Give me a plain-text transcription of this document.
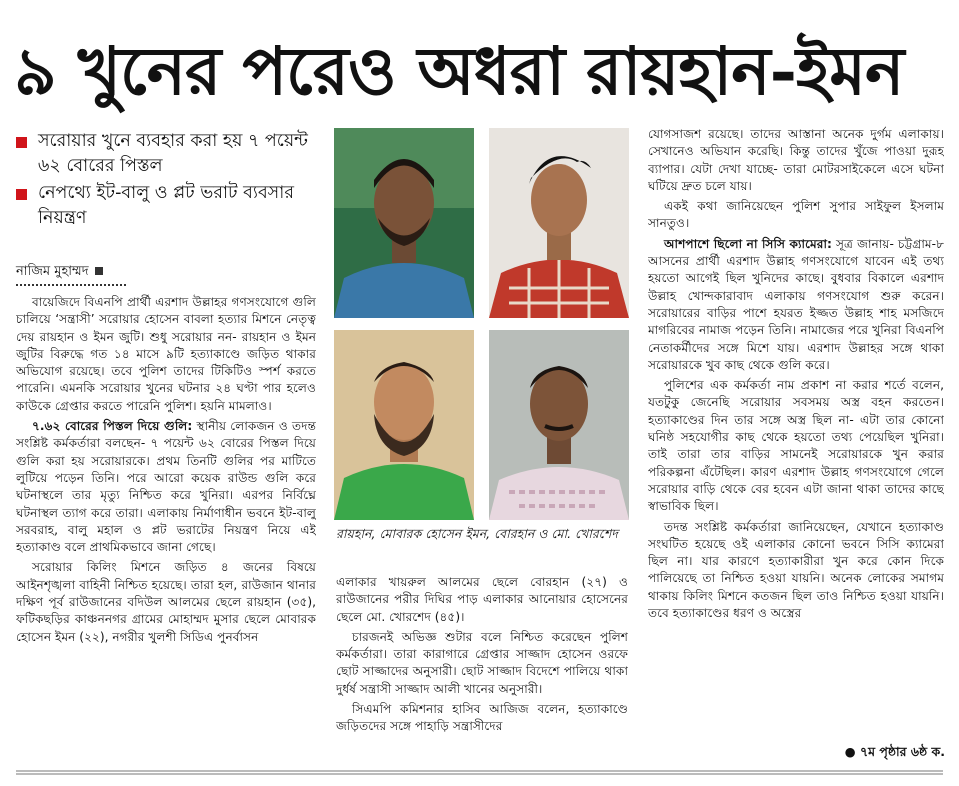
৯ খুনের পরেও অধরা রায়হান-ইমন
সরোয়ার খুনে ব্যবহার করা হয় ৭ পয়েন্ট ৬২ বোরের পিস্তল
নেপথ্যে ইট-বালু ও প্লট ভরাট ব্যবসার নিয়ন্ত্রণ
নাজিম মুহাম্মদ

বায়েজিদে বিএনপি প্রার্থী এরশাদ উল্লাহর গণসংযোগে গুলি চালিয়ে ‘সন্ত্রাসী’ সরোয়ার হোসেন বাবলা হত্যার মিশনে নেতৃত্ব দেয় রায়হান ও ইমন জুটি। শুধু সরোয়ার নন- রায়হান ও ইমন জুটির বিরুদ্ধে গত ১৪ মাসে ৯টি হত্যাকাণ্ডে জড়িত থাকার অভিযোগ রয়েছে। তবে পুলিশ তাদের টিকিটিও স্পর্শ করতে পারেনি। এমনকি সরোয়ার খুনের ঘটনার ২৪ ঘণ্টা পার হলেও কাউকে গ্রেপ্তার করতে পারেনি পুলিশ। হয়নি মামলাও।

৭.৬২ বোরের পিস্তল দিয়ে গুলি: স্থানীয় লোকজন ও তদন্ত সংশ্লিষ্ট কর্মকর্তারা বলছেন- ৭ পয়েন্ট ৬২ বোরের পিস্তল দিয়ে গুলি করা হয় সরোয়ারকে। প্রথম তিনটি গুলির পর মাটিতে লুটিয়ে পড়েন তিনি। পরে আরো কয়েক রাউন্ড গুলি করে ঘটনাস্থলে তার মৃত্যু নিশ্চিত করে খুনিরা। এরপর নির্বিঘ্নে ঘটনাস্থল ত্যাগ করে তারা। এলাকায় নির্মাণাধীন ভবনে ইট-বালু সরবরাহ, বালু মহাল ও প্লট ভরাটের নিয়ন্ত্রণ নিয়ে এই হত্যাকাণ্ড বলে প্রাথমিকভাবে জানা গেছে।

সরোয়ার কিলিং মিশনে জড়িত ৪ জনের বিষয়ে আইনশৃঙ্খলা বাহিনী নিশ্চিত হয়েছে। তারা হল, রাউজান থানার দক্ষিণ পূর্ব রাউজানের বদিউল আলমের ছেলে রায়হান (৩৫), ফটিকছড়ির কাঞ্চননগর গ্রামের মোহাম্মদ মুসার ছেলে মোবারক হোসেন ইমন (২২), নগরীর খুলশী সিডিএ পুনর্বাসন

রায়হান, মোবারক হোসেন ইমন, বোরহান ও মো. খোরশেদ

এলাকার খায়রুল আলমের ছেলে বোরহান (২৭) ও রাউজানের পরীর দিঘির পাড় এলাকার আনোয়ার হোসেনের ছেলে মো. খোরশেদ (৪৫)।

চারজনই অভিজ্ঞ শুটার বলে নিশ্চিত করেছেন পুলিশ কর্মকর্তারা। তারা কারাগারে গ্রেপ্তার সাজ্জাদ হোসেন ওরফে ছোট সাজ্জাদের অনুসারী। ছোট সাজ্জাদ বিদেশে পালিয়ে থাকা দুর্ধর্ষ সন্ত্রাসী সাজ্জাদ আলী খানের অনুসারী।

সিএমপি কমিশনার হাসিব আজিজ বলেন, হত্যাকাণ্ডে জড়িতদের সঙ্গে পাহাড়ি সন্ত্রাসীদের

যোগসাজশ রয়েছে। তাদের আস্তানা অনেক দুর্গম এলাকায়। সেখানেও অভিযান করেছি। কিন্তু তাদের খুঁজে পাওয়া দুরূহ ব্যাপার। যেটা দেখা যাচ্ছে- তারা মোটরসাইকেলে এসে ঘটনা ঘটিয়ে দ্রুত চলে যায়।

একই কথা জানিয়েছেন পুলিশ সুপার সাইফুল ইসলাম সানতুও।

আশপাশে ছিলো না সিসি ক্যামেরা: সূত্র জানায়- চট্টগ্রাম-৮ আসনের প্রার্থী এরশাদ উল্লাহ গণসংযোগে যাবেন এই তথ্য হয়তো আগেই ছিল খুনিদের কাছে। বুধবার বিকালে এরশাদ উল্লাহ খোন্দকারাবাদ এলাকায় গণসংযোগ শুরু করেন। সরোয়ারের বাড়ির পাশে হযরত ইজ্জত উল্লাহ শাহ মসজিদে মাগরিবের নামাজ পড়েন তিনি। নামাজের পরে খুনিরা বিএনপি নেতাকর্মীদের সঙ্গে মিশে যায়। এরশাদ উল্লাহর সঙ্গে থাকা সরোয়ারকে খুব কাছ থেকে গুলি করে।

পুলিশের এক কর্মকর্তা নাম প্রকাশ না করার শর্তে বলেন, যতটুকু জেনেছি সরোয়ার সবসময় অস্ত্র বহন করতেন। হত্যাকাণ্ডের দিন তার সঙ্গে অস্ত্র ছিল না- এটা তার কোনো ঘনিষ্ঠ সহযোগীর কাছ থেকে হয়তো তথ্য পেয়েছিল খুনিরা। তাই তারা তার বাড়ির সামনেই সরোয়ারকে খুন করার পরিকল্পনা এঁটেছিল। কারণ এরশাদ উল্লাহ গণসংযোগে গেলে সরোয়ার বাড়ি থেকে বের হবেন এটা জানা থাকা তাদের কাছে স্বাভাবিক ছিল।

তদন্ত সংশ্লিষ্ট কর্মকর্তারা জানিয়েছেন, যেখানে হত্যাকাণ্ড সংঘটিত হয়েছে ওই এলাকার কোনো ভবনে সিসি ক্যামেরা ছিল না। যার কারণে হত্যাকারীরা খুন করে কোন দিকে পালিয়েছে তা নিশ্চিত হওয়া যায়নি। অনেক লোকের সমাগম থাকায় কিলিং মিশনে কতজন ছিল তাও নিশ্চিত হওয়া যায়নি। তবে হত্যাকাণ্ডের ধরণ ও অস্ত্রের

● ৭ম পৃষ্ঠার ৬ষ্ঠ ক.
